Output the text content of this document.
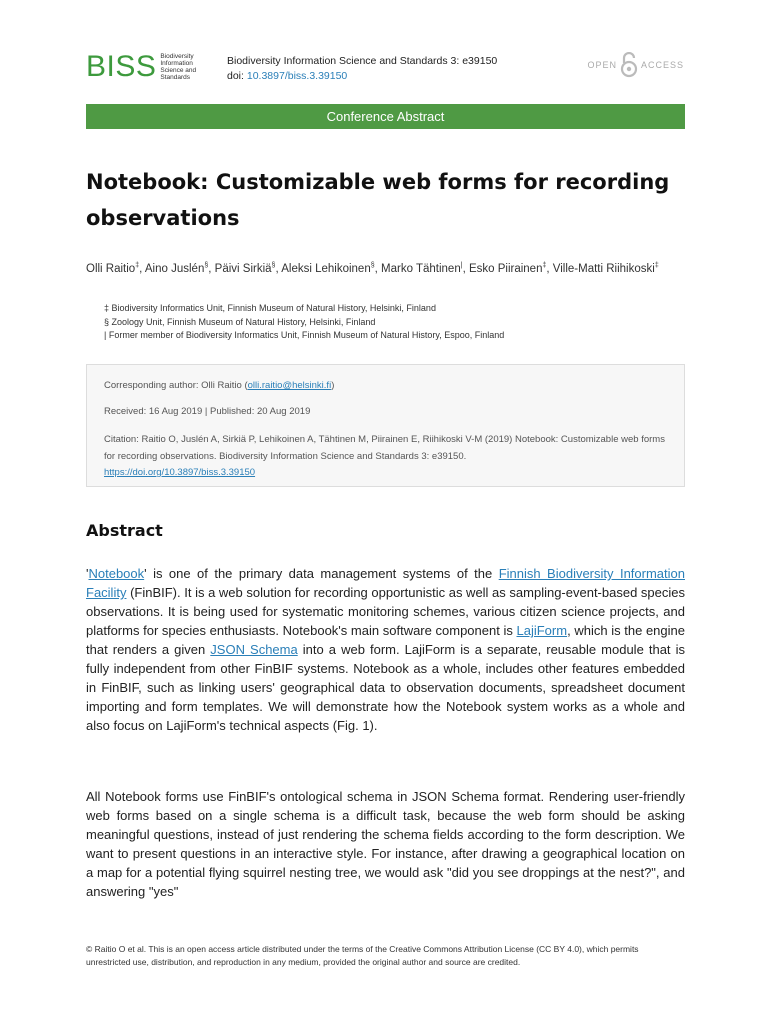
BISS Biodiversity
Information
Science and
Standards
Biodiversity Information Science and Standards 3: e39150
doi: 10.3897/biss.3.39150
OPEN	ACCESS
Conference Abstract
Notebook: Customizable web forms for recording observations
Olli Raitio‡, Aino Juslén§, Päivi Sirkiä§, Aleksi Lehikoinen§, Marko Tähtinen|, Esko Piirainen‡, Ville-Matti Riihikoski‡
‡ Biodiversity Informatics Unit, Finnish Museum of Natural History, Helsinki, Finland
§ Zoology Unit, Finnish Museum of Natural History, Helsinki, Finland
| Former member of Biodiversity Informatics Unit, Finnish Museum of Natural History, Espoo, Finland
Corresponding author: Olli Raitio (olli.raitio@helsinki.fi)
Received: 16 Aug 2019 | Published: 20 Aug 2019
Citation: Raitio O, Juslén A, Sirkiä P, Lehikoinen A, Tähtinen M, Piirainen E, Riihikoski V-M (2019) Notebook: Customizable web forms for recording observations. Biodiversity Information Science and Standards 3: e39150.
https://doi.org/10.3897/biss.3.39150
Abstract

'Notebook' is one of the primary data management systems of the Finnish Biodiversity Information Facility (FinBIF). It is a web solution for recording opportunistic as well as sampling-event-based species observations. It is being used for systematic monitoring schemes, various citizen science projects, and platforms for species enthusiasts. Notebook's main software component is LajiForm, which is the engine that renders a given JSON Schema into a web form. LajiForm is a separate, reusable module that is fully independent from other FinBIF systems. Notebook as a whole, includes other features embedded in FinBIF, such as linking users' geographical data to observation documents, spreadsheet document importing and form templates. We will demonstrate how the Notebook system works as a whole and also focus on LajiForm's technical aspects (Fig. 1).

All Notebook forms use FinBIF's ontological schema in JSON Schema format. Rendering user-friendly web forms based on a single schema is a difficult task, because the web form should be asking meaningful questions, instead of just rendering the schema fields according to the form description. We want to present questions in an interactive style. For instance, after drawing a geographical location on a map for a potential flying squirrel nesting tree, we would ask "did you see droppings at the nest?", and answering "yes"

© Raitio O et al. This is an open access article distributed under the terms of the Creative Commons Attribution License (CC BY 4.0), which permits unrestricted use, distribution, and reproduction in any medium, provided the original author and source are credited.
